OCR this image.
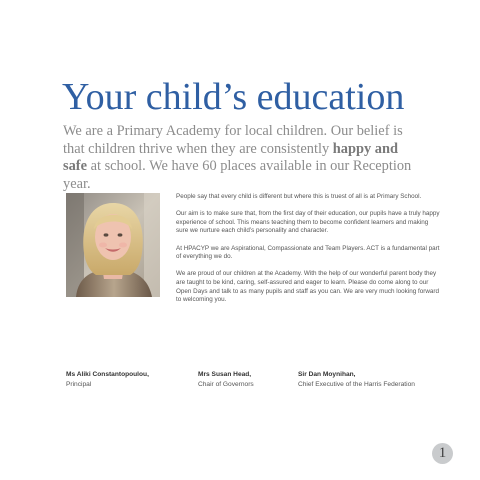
Your child’s education

We are a Primary Academy for local children. Our belief is that children thrive when they are consistently happy and safe at school. We have 60 places available in our Reception year.

People say that every child is different but where this is truest of all is at Primary School.

Our aim is to make sure that, from the first day of their education, our pupils have a truly happy experience of school. This means teaching them to become confident learners and making sure we nurture each child’s personality and character.

At HPACYP we are Aspirational, Compassionate and Team Players. ACT is a fundamental part of everything we do.

We are proud of our children at the Academy. With the help of our wonderful parent body they are taught to be kind, caring, self-assured and eager to learn. Please do come along to our Open Days and talk to as many pupils and staff as you can. We are very much looking forward to welcoming you.

Ms Aliki Constantopoulou,
Principal
Mrs Susan Head,
Chair of Governors
Sir Dan Moynihan,
Chief Executive of the Harris Federation
1
